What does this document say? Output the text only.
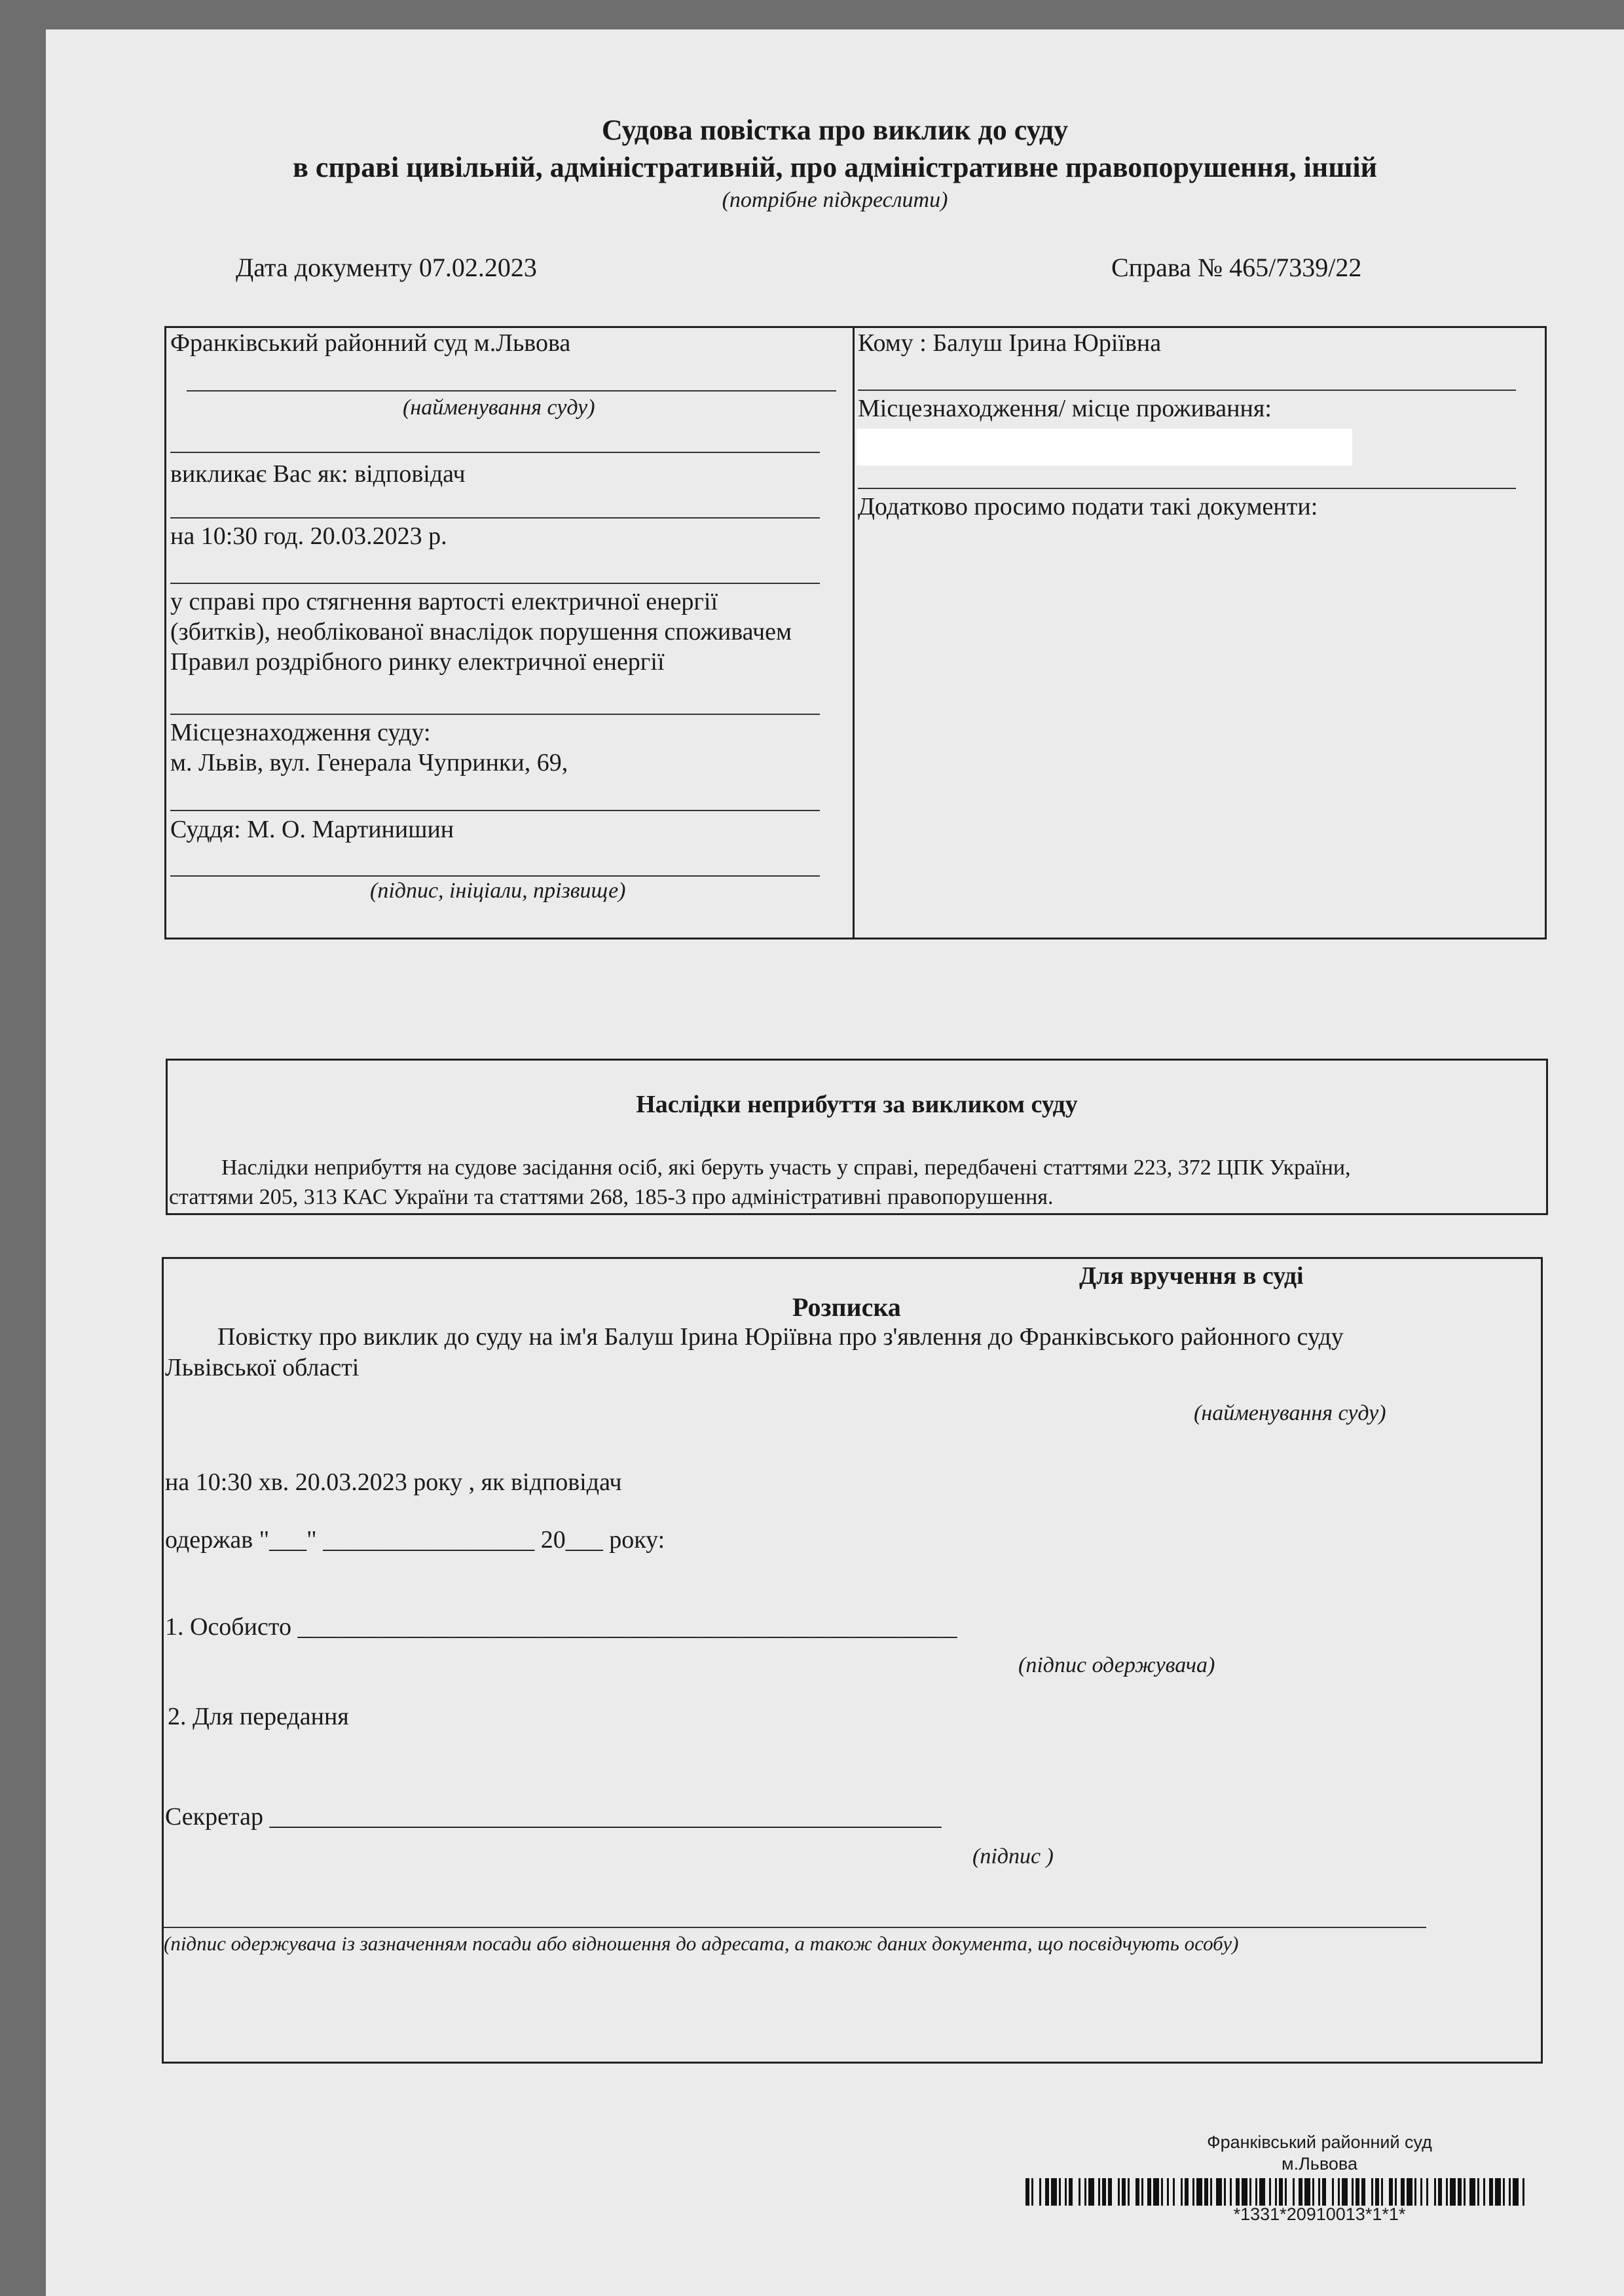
Судова повістка про виклик до суду
в справі цивільній, адміністративній, про адміністративне правопорушення, іншій
(потрібне підкреслити)
Дата документу 07.02.2023	Справа № 465/7339/22
Франківський районний суд м.Львова
(найменування суду)
викликає Вас як: відповідач
на 10:30 год. 20.03.2023 р.
у справі про стягнення вартості електричної енергії
(збитків), необлікованої внаслідок порушення споживачем
Правил роздрібного ринку електричної енергії
Місцезнаходження суду:
м. Львів, вул. Генерала Чупринки, 69,
Суддя: М. О. Мартинишин
(підпис, ініціали, прізвище)
Кому : Балуш Ірина Юріївна
Місцезнаходження/ місце проживання:
Додатково просимо подати такі документи:
Наслідки неприбуття за викликом суду
Наслідки неприбуття на судове засідання осіб, які беруть участь у справі, передбачені статтями 223, 372 ЦПК України,
статтями 205, 313 КАС України та статтями 268, 185-3 про адміністративні правопорушення.
Для вручення в суді
Розписка
Повістку про виклик до суду на ім'я Балуш Ірина Юріївна про з'явлення до Франківського районного суду
Львівської області
(найменування суду)
на 10:30 хв. 20.03.2023 року , як відповідач
одержав "___" _________________ 20___ року:
1. Особисто _____________________________________________________
(підпис одержувача)
2. Для передання
Секретар ______________________________________________________
(підпис )
(підпис одержувача із зазначенням посади або відношення до адресата, а також даних документа, що посвідчують особу)
Франківський районний суд
м.Львова
*1331*20910013*1*1*
